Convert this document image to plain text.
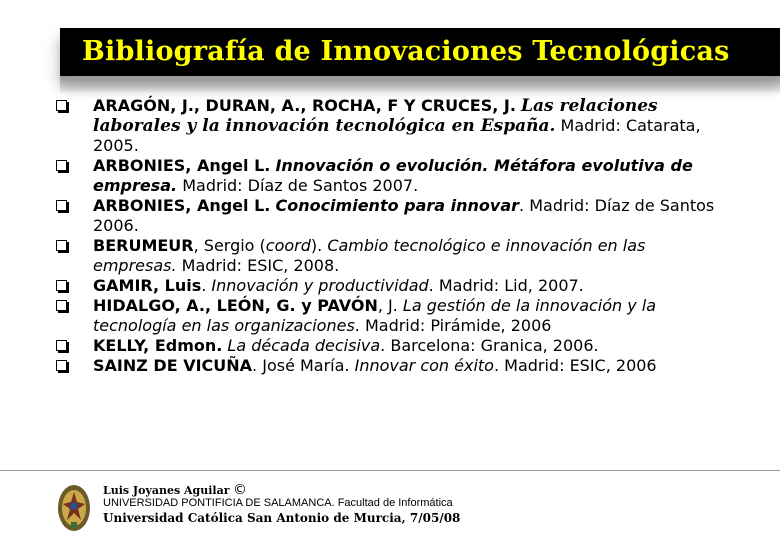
Bibliografía de Innovaciones Tecnológicas
ARAGÓN, J., DURAN, A., ROCHA, F Y CRUCES, J. Las relaciones laborales y la innovación tecnológica en España. Madrid: Catarata, 2005.
ARBONIES, Angel L. Innovación o evolución. Métáfora evolutiva de empresa. Madrid: Díaz de Santos 2007.
ARBONIES, Angel L. Conocimiento para innovar. Madrid: Díaz de Santos 2006.
BERUMEUR, Sergio (coord). Cambio tecnológico e innovación en las empresas. Madrid: ESIC, 2008.
GAMIR, Luis. Innovación y productividad. Madrid: Lid, 2007.
HIDALGO, A., LEÓN, G. y PAVÓN, J. La gestión de la innovación y la tecnología en las organizaciones. Madrid: Pirámide, 2006
KELLY, Edmon. La década decisiva. Barcelona: Granica, 2006.
SAINZ DE VICUÑA. José María. Innovar con éxito. Madrid: ESIC, 2006
Luis Joyanes Aguilar ©
UNIVERSIDAD PONTIFICIA DE SALAMANCA. Facultad de Informática
Universidad Católica San Antonio de Murcia, 7/05/08
